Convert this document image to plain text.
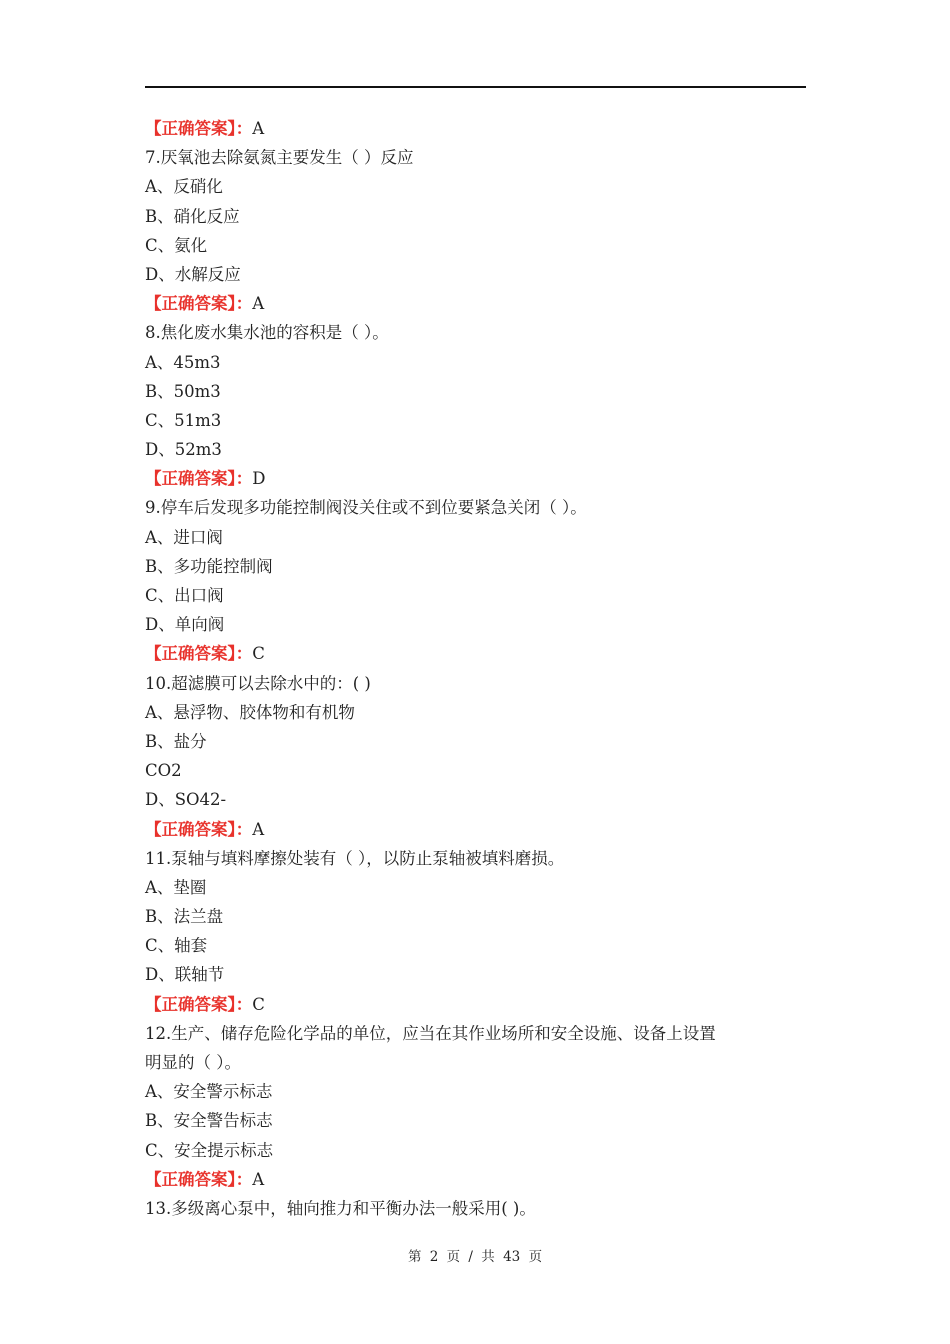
【正确答案】：A
7.厌氧池去除氨氮主要发生（ ）反应
A、反硝化
B、硝化反应
C、氨化
D、水解反应
【正确答案】：A
8.焦化废水集水池的容积是（ ）。
A、45m3
B、50m3
C、51m3
D、52m3
【正确答案】：D
9.停车后发现多功能控制阀没关住或不到位要紧急关闭（ ）。
A、进口阀
B、多功能控制阀
C、出口阀
D、单向阀
【正确答案】：C
10.超滤膜可以去除水中的：( )
A、悬浮物、胶体物和有机物
B、盐分
CO2
D、SO42-
【正确答案】：A
11.泵轴与填料摩擦处装有（ ），以防止泵轴被填料磨损。
A、垫圈
B、法兰盘
C、轴套
D、联轴节
【正确答案】：C
12.生产、储存危险化学品的单位，应当在其作业场所和安全设施、设备上设置
明显的（ ）。
A、安全警示标志
B、安全警告标志
C、安全提示标志
【正确答案】：A
13.多级离心泵中，轴向推力和平衡办法一般采用( )。
第 2 页 / 共 43 页
